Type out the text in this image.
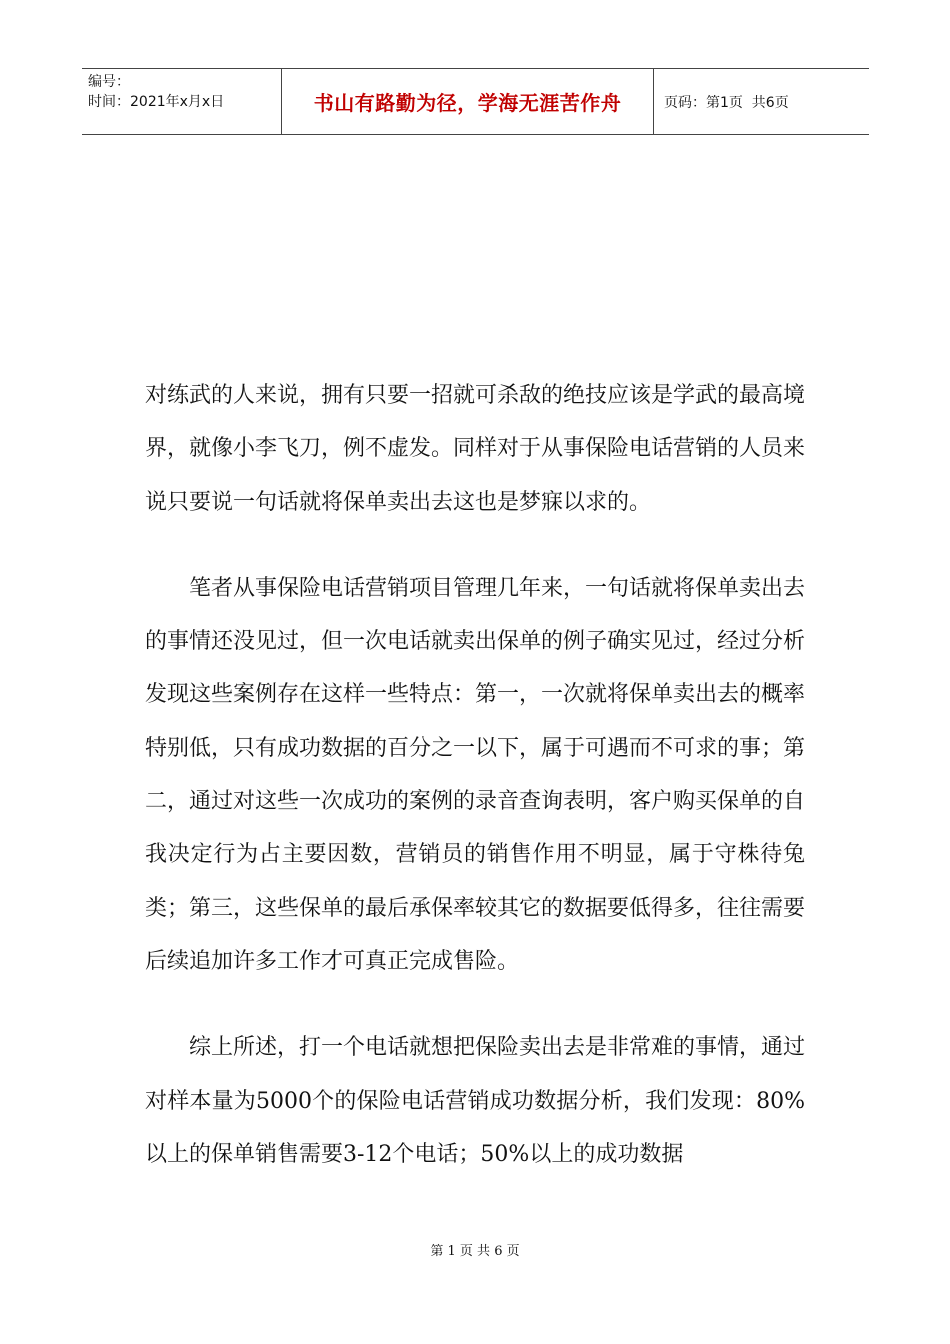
编号：
时间：2021年x月x日	书山有路勤为径，学海无涯苦作舟	页码：第1页  共6页

对练武的人来说，拥有只要一招就可杀敌的绝技应该是学武的最高境界，就像小李飞刀，例不虚发。同样对于从事保险电话营销的人员来说只要说一句话就将保单卖出去这也是梦寐以求的。

笔者从事保险电话营销项目管理几年来，一句话就将保单卖出去的事情还没见过，但一次电话就卖出保单的例子确实见过，经过分析发现这些案例存在这样一些特点：第一，一次就将保单卖出去的概率特别低，只有成功数据的百分之一以下，属于可遇而不可求的事；第二，通过对这些一次成功的案例的录音查询表明，客户购买保单的自我决定行为占主要因数，营销员的销售作用不明显，属于守株待兔类；第三，这些保单的最后承保率较其它的数据要低得多，往往需要后续追加许多工作才可真正完成售险。

综上所述，打一个电话就想把保险卖出去是非常难的事情，通过对样本量为5000个的保险电话营销成功数据分析，我们发现：80%以上的保单销售需要3-12个电话；50%以上的成功数据

第 1 页 共 6 页
